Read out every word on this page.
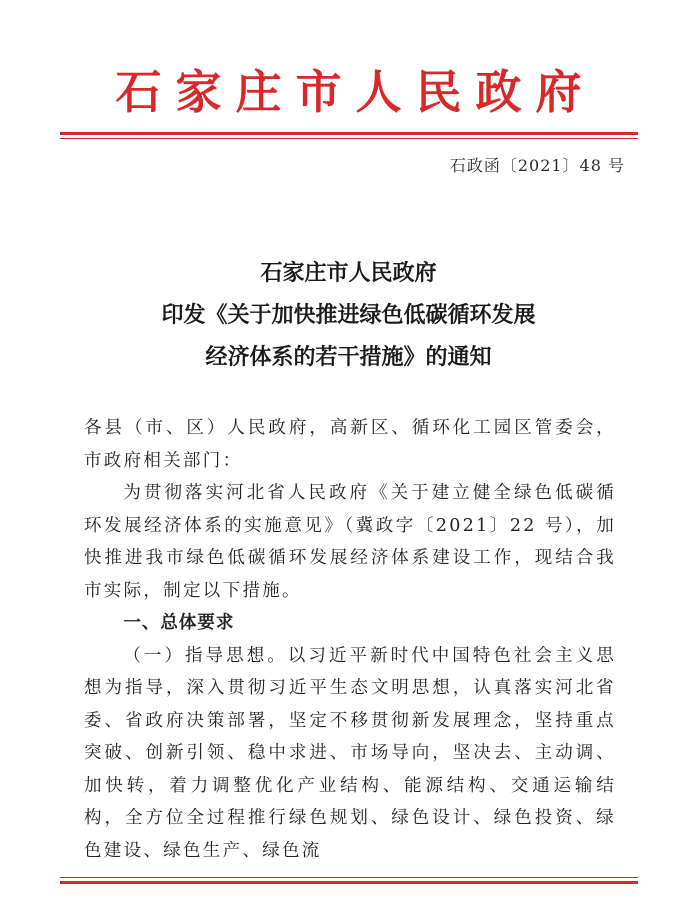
石家庄市人民政府
石政函〔2021〕48 号
石家庄市人民政府
印发《关于加快推进绿色低碳循环发展
经济体系的若干措施》的通知

各县（市、区）人民政府，高新区、循环化工园区管委会，市政府相关部门：

为贯彻落实河北省人民政府《关于建立健全绿色低碳循环发展经济体系的实施意见》（冀政字〔2021〕22 号），加快推进我市绿色低碳循环发展经济体系建设工作，现结合我市实际，制定以下措施。

一、总体要求

（一）指导思想。以习近平新时代中国特色社会主义思想为指导，深入贯彻习近平生态文明思想，认真落实河北省委、省政府决策部署，坚定不移贯彻新发展理念，坚持重点突破、创新引领、稳中求进、市场导向，坚决去、主动调、加快转，着力调整优化产业结构、能源结构、交通运输结构，全方位全过程推行绿色规划、绿色设计、绿色投资、绿色建设、绿色生产、绿色流
